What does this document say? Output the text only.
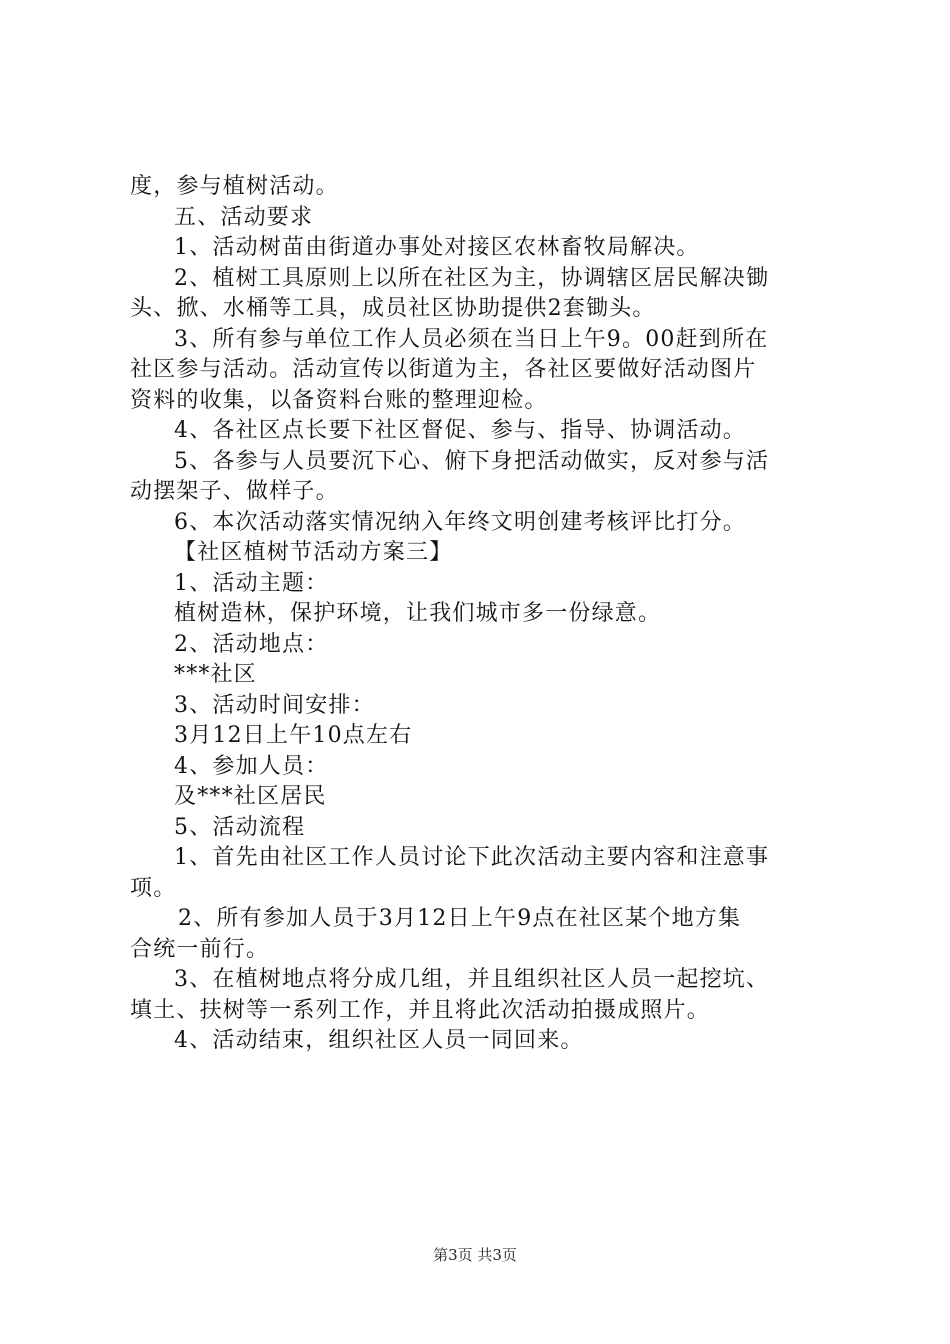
度，参与植树活动。
五、活动要求
1、活动树苗由街道办事处对接区农林畜牧局解决。
2、植树工具原则上以所在社区为主，协调辖区居民解决锄
头、掀、水桶等工具，成员社区协助提供2套锄头。
3、所有参与单位工作人员必须在当日上午9。00赶到所在
社区参与活动。活动宣传以街道为主，各社区要做好活动图片
资料的收集，以备资料台账的整理迎检。
4、各社区点长要下社区督促、参与、指导、协调活动。
5、各参与人员要沉下心、俯下身把活动做实，反对参与活
动摆架子、做样子。
6、本次活动落实情况纳入年终文明创建考核评比打分。
【社区植树节活动方案三】
1、活动主题：
植树造林，保护环境，让我们城市多一份绿意。
2、活动地点：
***社区
3、活动时间安排：
3月12日上午10点左右
4、参加人员：
及***社区居民
5、活动流程
1、首先由社区工作人员讨论下此次活动主要内容和注意事
项。
2、所有参加人员于3月12日上午9点在社区某个地方集
合统一前行。
3、在植树地点将分成几组，并且组织社区人员一起挖坑、
填土、扶树等一系列工作，并且将此次活动拍摄成照片。
4、活动结束，组织社区人员一同回来。
第3页 共3页
